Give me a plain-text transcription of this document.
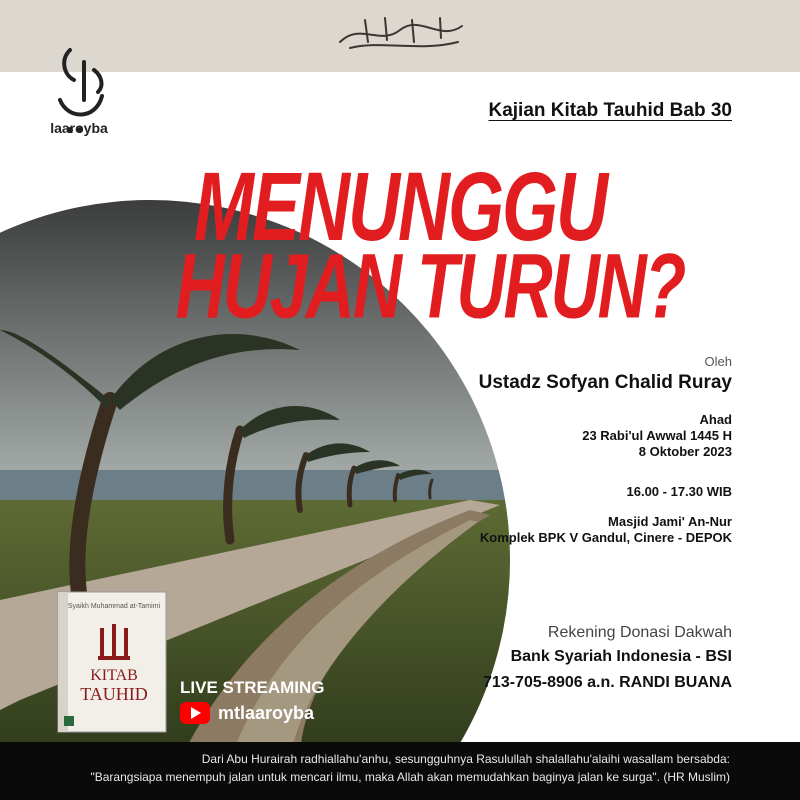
laaroyba
Kajian Kitab Tauhid Bab 30
MENUNGGU
HUJAN TURUN?
Oleh
Ustadz Sofyan Chalid Ruray
Ahad
23 Rabi'ul Awwal 1445 H
8 Oktober 2023
16.00 - 17.30 WIB
Masjid Jami' An-Nur
Komplek BPK V Gandul, Cinere - DEPOK
Rekening Donasi Dakwah
Bank Syariah Indonesia - BSI
713-705-8906 a.n. RANDI BUANA
Syaikh Muhammad at-Tamimi
KITAB
TAUHID LIVE STREAMING
mtlaaroyba
Dari Abu Hurairah radhiallahu'anhu, sesungguhnya Rasulullah shalallahu'alaihi wasallam bersabda:
"Barangsiapa menempuh jalan untuk mencari ilmu, maka Allah akan memudahkan baginya jalan ke surga". (HR Muslim)
